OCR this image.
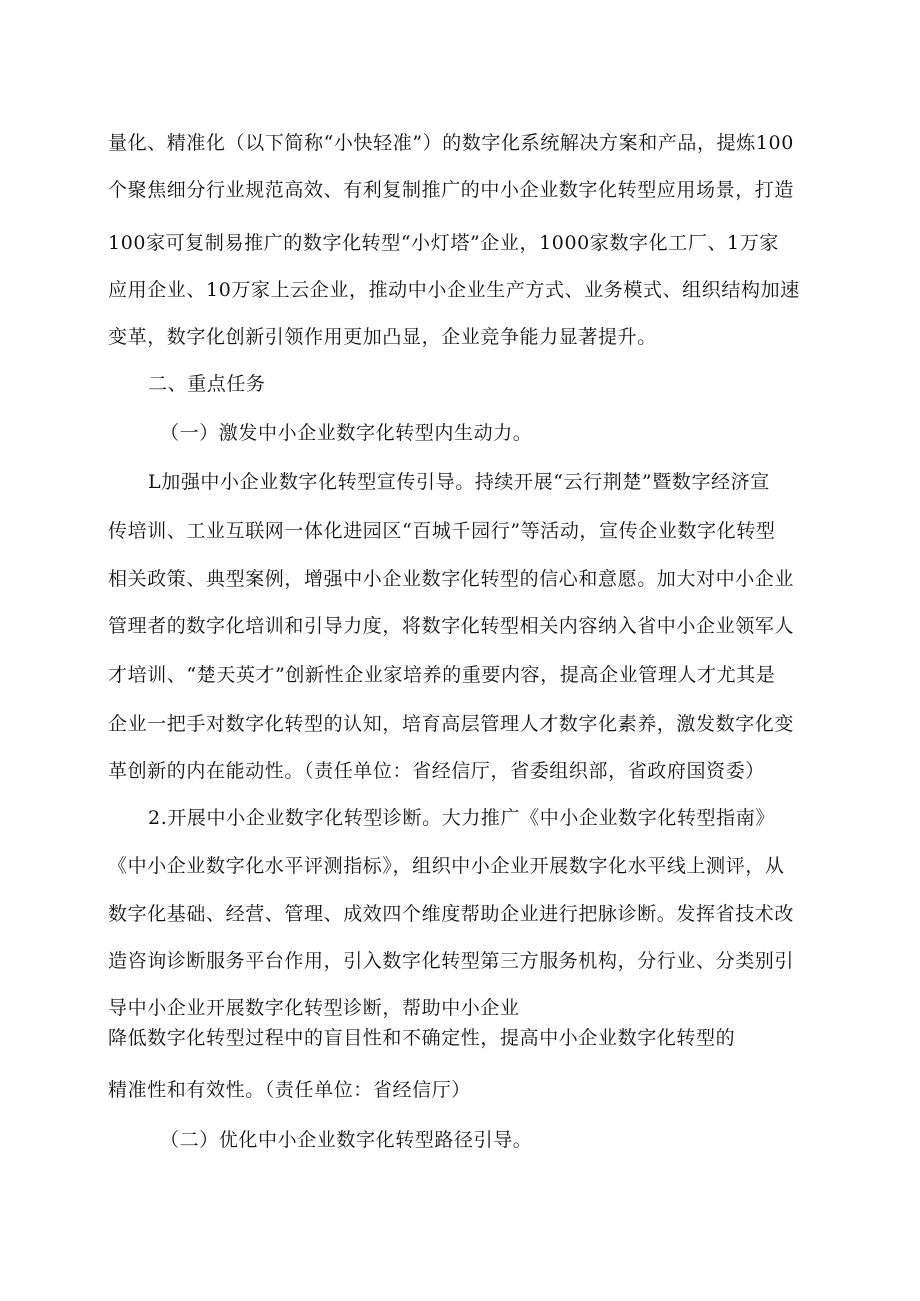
量化、精准化（以下简称“小快轻准”）的数字化系统解决方案和产品，提炼100
个聚焦细分行业规范高效、有利复制推广的中小企业数字化转型应用场景，打造
100家可复制易推广的数字化转型“小灯塔”企业，1000家数字化工厂、1万家
应用企业、10万家上云企业，推动中小企业生产方式、业务模式、组织结构加速
变革，数字化创新引领作用更加凸显，企业竞争能力显著提升。
二、重点任务
（一）激发中小企业数字化转型内生动力。
L加强中小企业数字化转型宣传引导。持续开展“云行荆楚”暨数字经济宣
传培训、工业互联网一体化进园区“百城千园行”等活动，宣传企业数字化转型
相关政策、典型案例，增强中小企业数字化转型的信心和意愿。加大对中小企业
管理者的数字化培训和引导力度，将数字化转型相关内容纳入省中小企业领军人
才培训、“楚天英才”创新性企业家培养的重要内容，提高企业管理人才尤其是
企业一把手对数字化转型的认知，培育高层管理人才数字化素养，激发数字化变
革创新的内在能动性。（责任单位：省经信厅，省委组织部，省政府国资委）
2.开展中小企业数字化转型诊断。大力推广《中小企业数字化转型指南》
《中小企业数字化水平评测指标》，组织中小企业开展数字化水平线上测评，从
数字化基础、经营、管理、成效四个维度帮助企业进行把脉诊断。发挥省技术改
造咨询诊断服务平台作用，引入数字化转型第三方服务机构，分行业、分类别引
导中小企业开展数字化转型诊断，帮助中小企业
降低数字化转型过程中的盲目性和不确定性，提高中小企业数字化转型的
精准性和有效性。（责任单位：省经信厅）
（二）优化中小企业数字化转型路径引导。
